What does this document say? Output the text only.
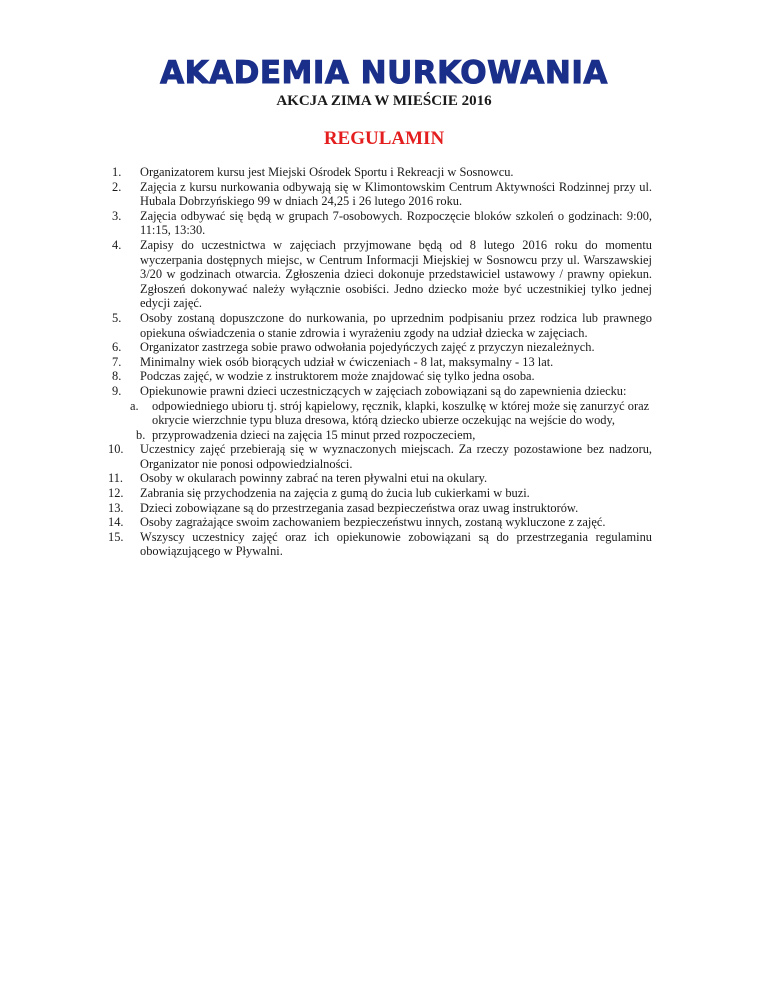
AKADEMIA NURKOWANIA
AKCJA ZIMA W MIEŚCIE 2016
REGULAMIN
1. Organizatorem kursu jest Miejski Ośrodek Sportu i Rekreacji w Sosnowcu.
2. Zajęcia z kursu nurkowania odbywają się w Klimontowskim Centrum Aktywności Rodzinnej przy ul. Hubala Dobrzyńskiego 99 w dniach 24,25 i 26 lutego 2016 roku.
3. Zajęcia odbywać się będą w grupach 7-osobowych. Rozpoczęcie bloków szkoleń o godzinach: 9:00, 11:15, 13:30.
4. Zapisy do uczestnictwa w zajęciach przyjmowane będą od 8 lutego 2016 roku do momentu wyczerpania dostępnych miejsc, w Centrum Informacji Miejskiej w Sosnowcu przy ul. Warszawskiej 3/20 w godzinach otwarcia. Zgłoszenia dzieci dokonuje przedstawiciel ustawowy / prawny opiekun. Zgłoszeń dokonywać należy wyłącznie osobiści. Jedno dziecko może być uczestnikiej tylko jednej edycji zajęć.
5. Osoby zostaną dopuszczone do nurkowania, po uprzednim podpisaniu przez rodzica lub prawnego opiekuna oświadczenia o stanie zdrowia i wyrażeniu zgody na udział dziecka w zajęciach.
6. Organizator zastrzega sobie prawo odwołania pojedyńczych zajęć z przyczyn niezależnych.
7. Minimalny wiek osób biorących udział w ćwiczeniach - 8 lat, maksymalny - 13 lat.
8. Podczas zajęć, w wodzie z instruktorem może znajdować się tylko jedna osoba.
9. Opiekunowie prawni dzieci uczestniczących w zajęciach zobowiązani są do zapewnienia dziecku:
a. odpowiedniego ubioru tj. strój kąpielowy, ręcznik, klapki, koszulkę w której może się zanurzyć oraz okrycie wierzchnie typu bluza dresowa, którą dziecko ubierze oczekując na wejście do wody,
b. przyprowadzenia dzieci na zajęcia 15 minut przed rozpoczeciem,
10. Uczestnicy zajęć przebierają się w wyznaczonych miejscach. Za rzeczy pozostawione bez nadzoru, Organizator nie ponosi odpowiedzialności.
11. Osoby w okularach powinny zabrać na teren pływalni etui na okulary.
12. Zabrania się przychodzenia na zajęcia z gumą do żucia lub cukierkami w buzi.
13. Dzieci zobowiązane są do przestrzegania zasad bezpieczeństwa oraz uwag instruktorów.
14. Osoby zagrażające swoim zachowaniem bezpieczeństwu innych, zostaną wykluczone z zajęć.
15. Wszyscy uczestnicy zajęć oraz ich opiekunowie zobowiązani są do przestrzegania regulaminu obowiązującego w Pływalni.
